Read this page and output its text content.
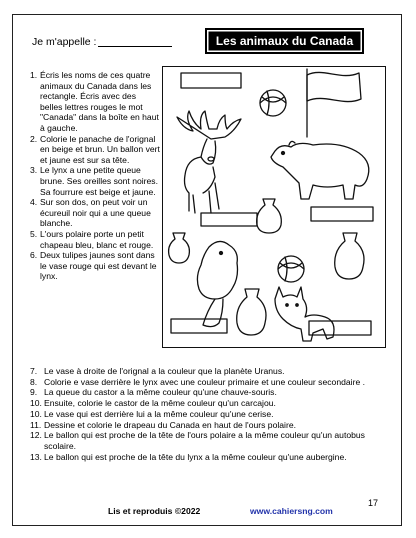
Je m'appelle :	Les animaux du Canada
1. Écris les noms de ces quatre animaux du Canada dans les rectangle. Écris avec des belles lettres rouges le mot "Canada" dans la boîte en haut à gauche.
2. Colorie le panache de l'orignal en beige et brun. Un ballon vert et jaune est sur sa tête.
3. Le lynx a une petite queue brune. Ses oreilles sont noires. Sa fourrure est beige et jaune.
4. Sur son dos, on peut voir un écureuil noir qui a une queue blanche.
5. L'ours polaire porte un petit chapeau bleu, blanc et rouge.
6. Deux tulipes jaunes sont dans le vase rouge qui est devant le lynx.
7. Le vase à droite de l'orignal a la couleur que la planète Uranus.
8. Colorie e vase derrière le lynx avec une couleur primaire et une couleur secondaire .
9. La queue du castor a la même couleur qu'une chauve-souris.
10. Ensuite, colorie le castor de la même couleur qu'un carcajou.
10. Le vase qui est derrière lui a la même couleur qu'une cerise.
11. Dessine et colorie le drapeau du Canada en haut de l'ours polaire.
12. Le ballon qui est proche de la tête de l'ours polaire a la même couleur qu'un autobus scolaire.
13. Le ballon qui est proche de la tête du lynx a la même couleur qu'une aubergine.
Lis et reproduis ©2022	www.cahiersng.com
17
